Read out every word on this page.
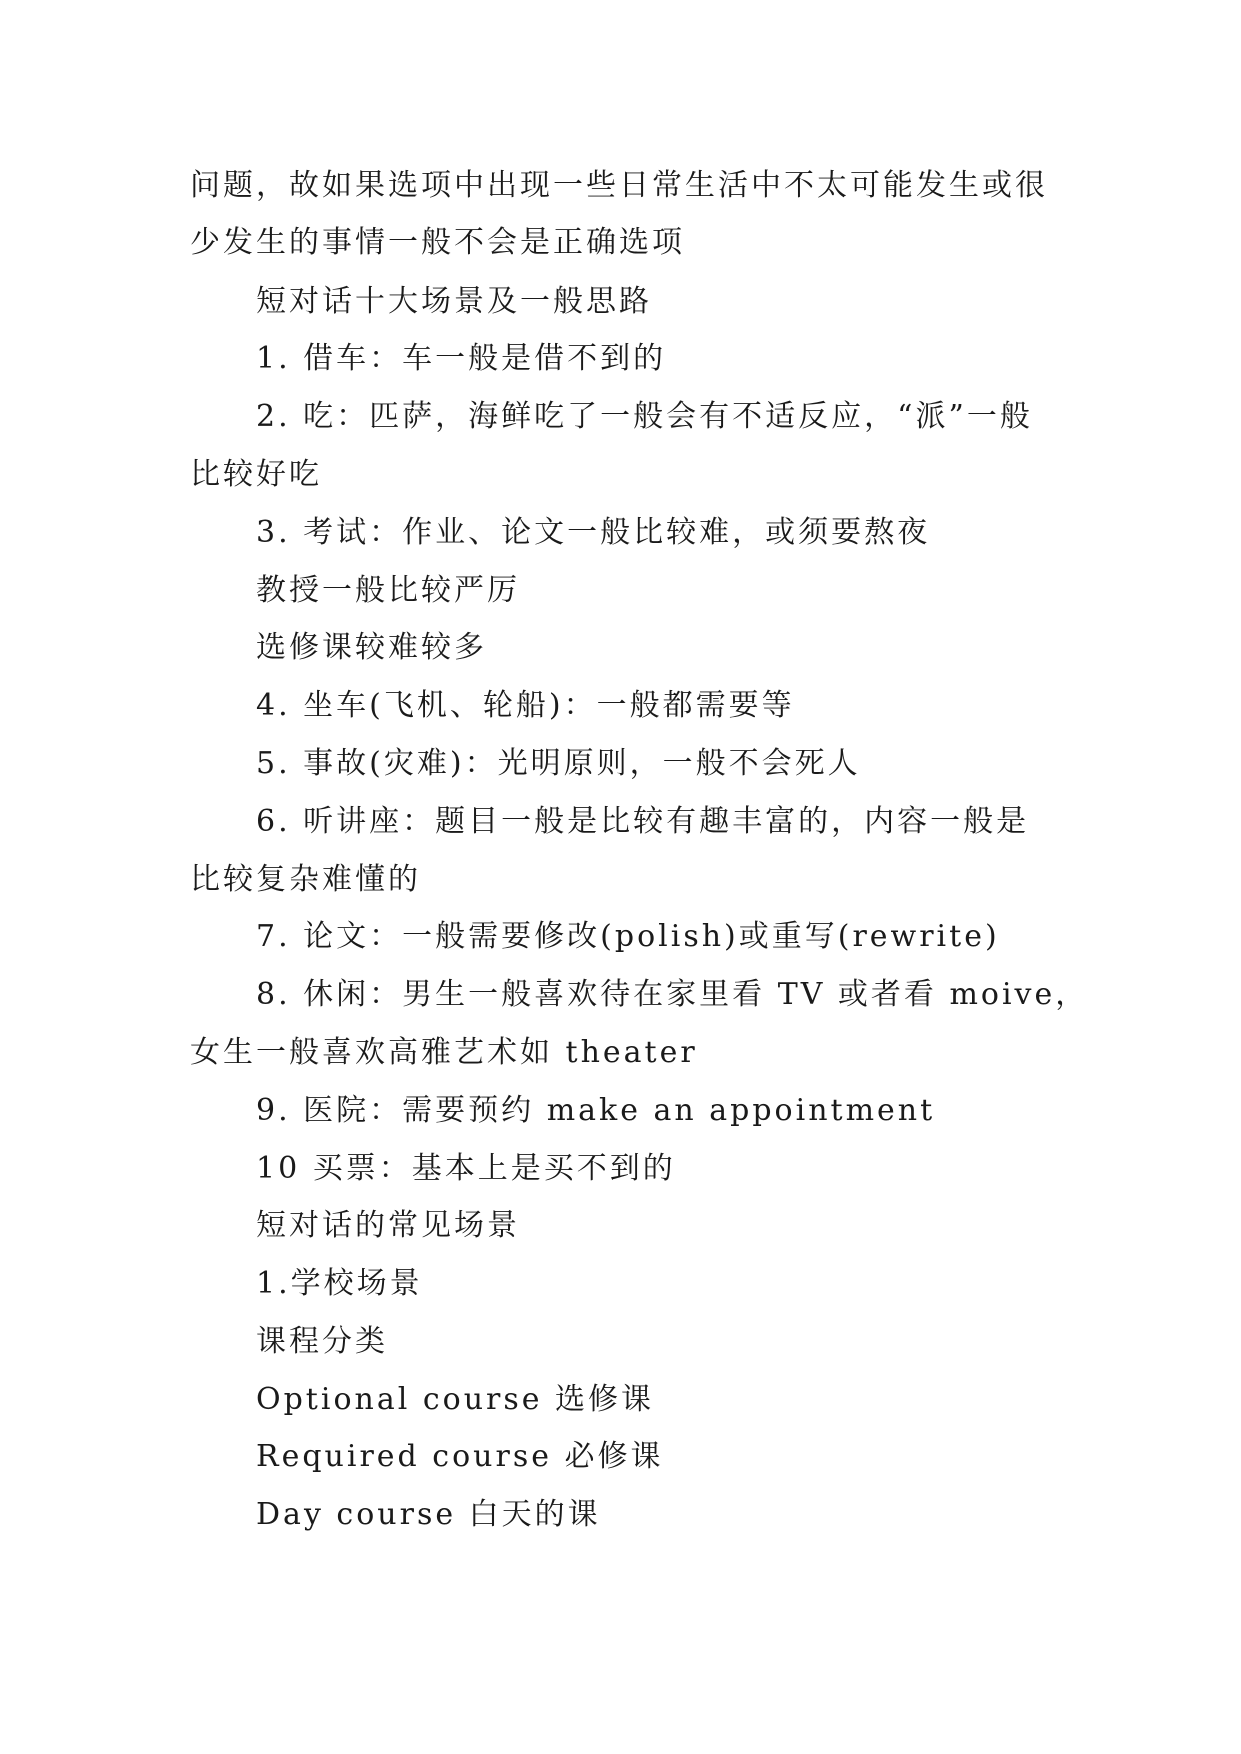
问题，故如果选项中出现一些日常生活中不太可能发生或很
少发生的事情一般不会是正确选项
短对话十大场景及一般思路
1. 借车：车一般是借不到的
2. 吃：匹萨，海鲜吃了一般会有不适反应，“派”一般
比较好吃
3. 考试：作业、论文一般比较难，或须要熬夜
教授一般比较严厉
选修课较难较多
4. 坐车(飞机、轮船)：一般都需要等
5. 事故(灾难)：光明原则，一般不会死人
6. 听讲座：题目一般是比较有趣丰富的，内容一般是
比较复杂难懂的
7. 论文：一般需要修改(polish)或重写(rewrite)
8. 休闲：男生一般喜欢待在家里看 TV 或者看 moive，
女生一般喜欢高雅艺术如 theater
9. 医院：需要预约 make an appointment
10 买票：基本上是买不到的
短对话的常见场景
1.学校场景
课程分类
Optional course 选修课
Required course 必修课
Day course 白天的课
